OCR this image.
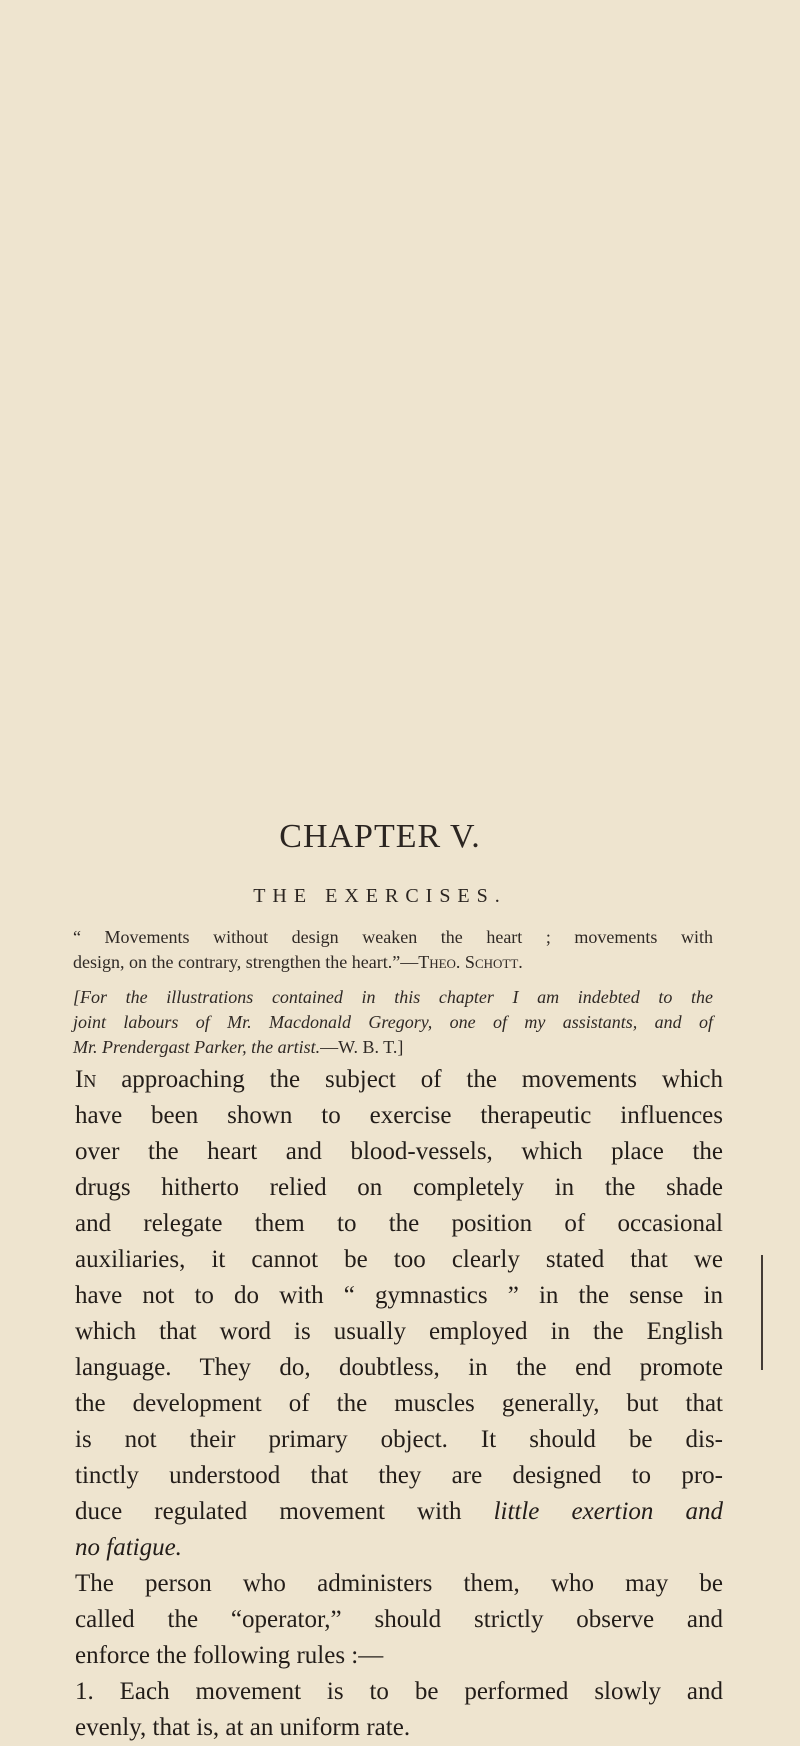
CHAPTER V.
THE EXERCISES.
“ Movements without design weaken the heart ; movements with
design, on the contrary, strengthen the heart.”—Theo. Schott.
[For the illustrations contained in this chapter I am indebted to the
joint labours of Mr. Macdonald Gregory, one of my assistants, and of
Mr. Prendergast Parker, the artist.—W. B. T.]
In approaching the subject of the movements which
have been shown to exercise therapeutic influences
over the heart and blood-vessels, which place the
drugs hitherto relied on completely in the shade
and relegate them to the position of occasional
auxiliaries, it cannot be too clearly stated that we
have not to do with “ gymnastics ” in the sense in
which that word is usually employed in the English
language. They do, doubtless, in the end promote
the development of the muscles generally, but that
is not their primary object. It should be dis-
tinctly understood that they are designed to pro-
duce regulated movement with little exertion and
no fatigue.
The person who administers them, who may be
called the “operator,” should strictly observe and
enforce the following rules :—
1. Each movement is to be performed slowly and
evenly, that is, at an uniform rate.
